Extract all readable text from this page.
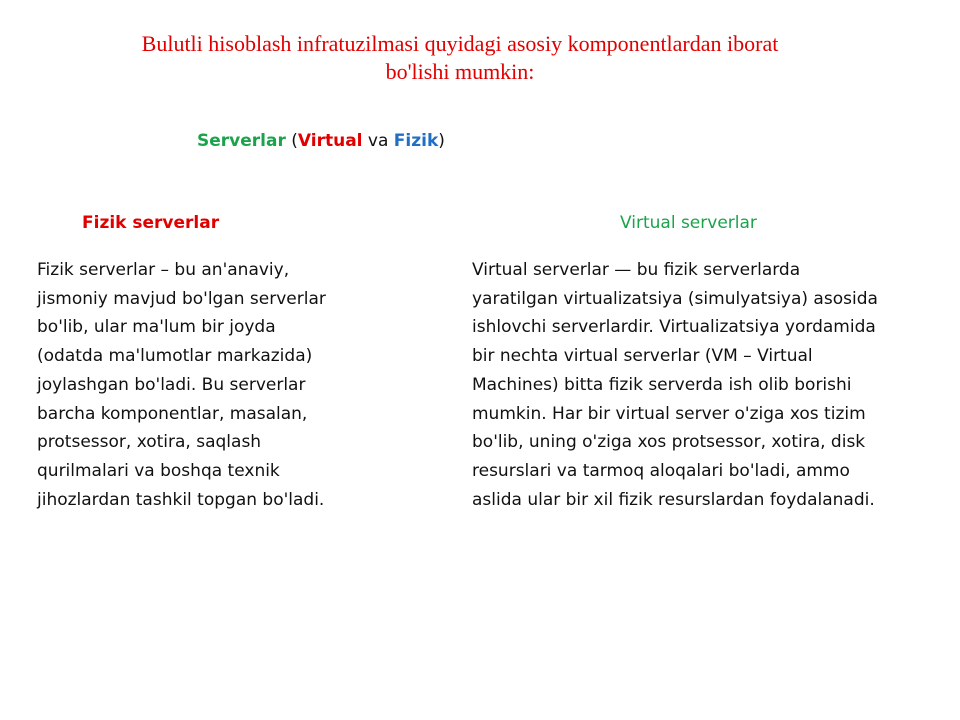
Bulutli hisoblash infratuzilmasi quyidagi asosiy komponentlardan iborat
bo'lishi mumkin:

Serverlar (Virtual va Fizik)

Fizik serverlar	Virtual serverlar

Fizik serverlar – bu an'anaviy,
jismoniy mavjud bo'lgan serverlar
bo'lib, ular ma'lum bir joyda
(odatda ma'lumotlar markazida)
joylashgan bo'ladi. Bu serverlar
barcha komponentlar, masalan,
protsessor, xotira, saqlash
qurilmalari va boshqa texnik
jihozlardan tashkil topgan bo'ladi.

Virtual serverlar — bu fizik serverlarda
yaratilgan virtualizatsiya (simulyatsiya) asosida
ishlovchi serverlardir. Virtualizatsiya yordamida
bir nechta virtual serverlar (VM – Virtual
Machines) bitta fizik serverda ish olib borishi
mumkin. Har bir virtual server o'ziga xos tizim
bo'lib, uning o'ziga xos protsessor, xotira, disk
resurslari va tarmoq aloqalari bo'ladi, ammo
aslida ular bir xil fizik resurslardan foydalanadi.
